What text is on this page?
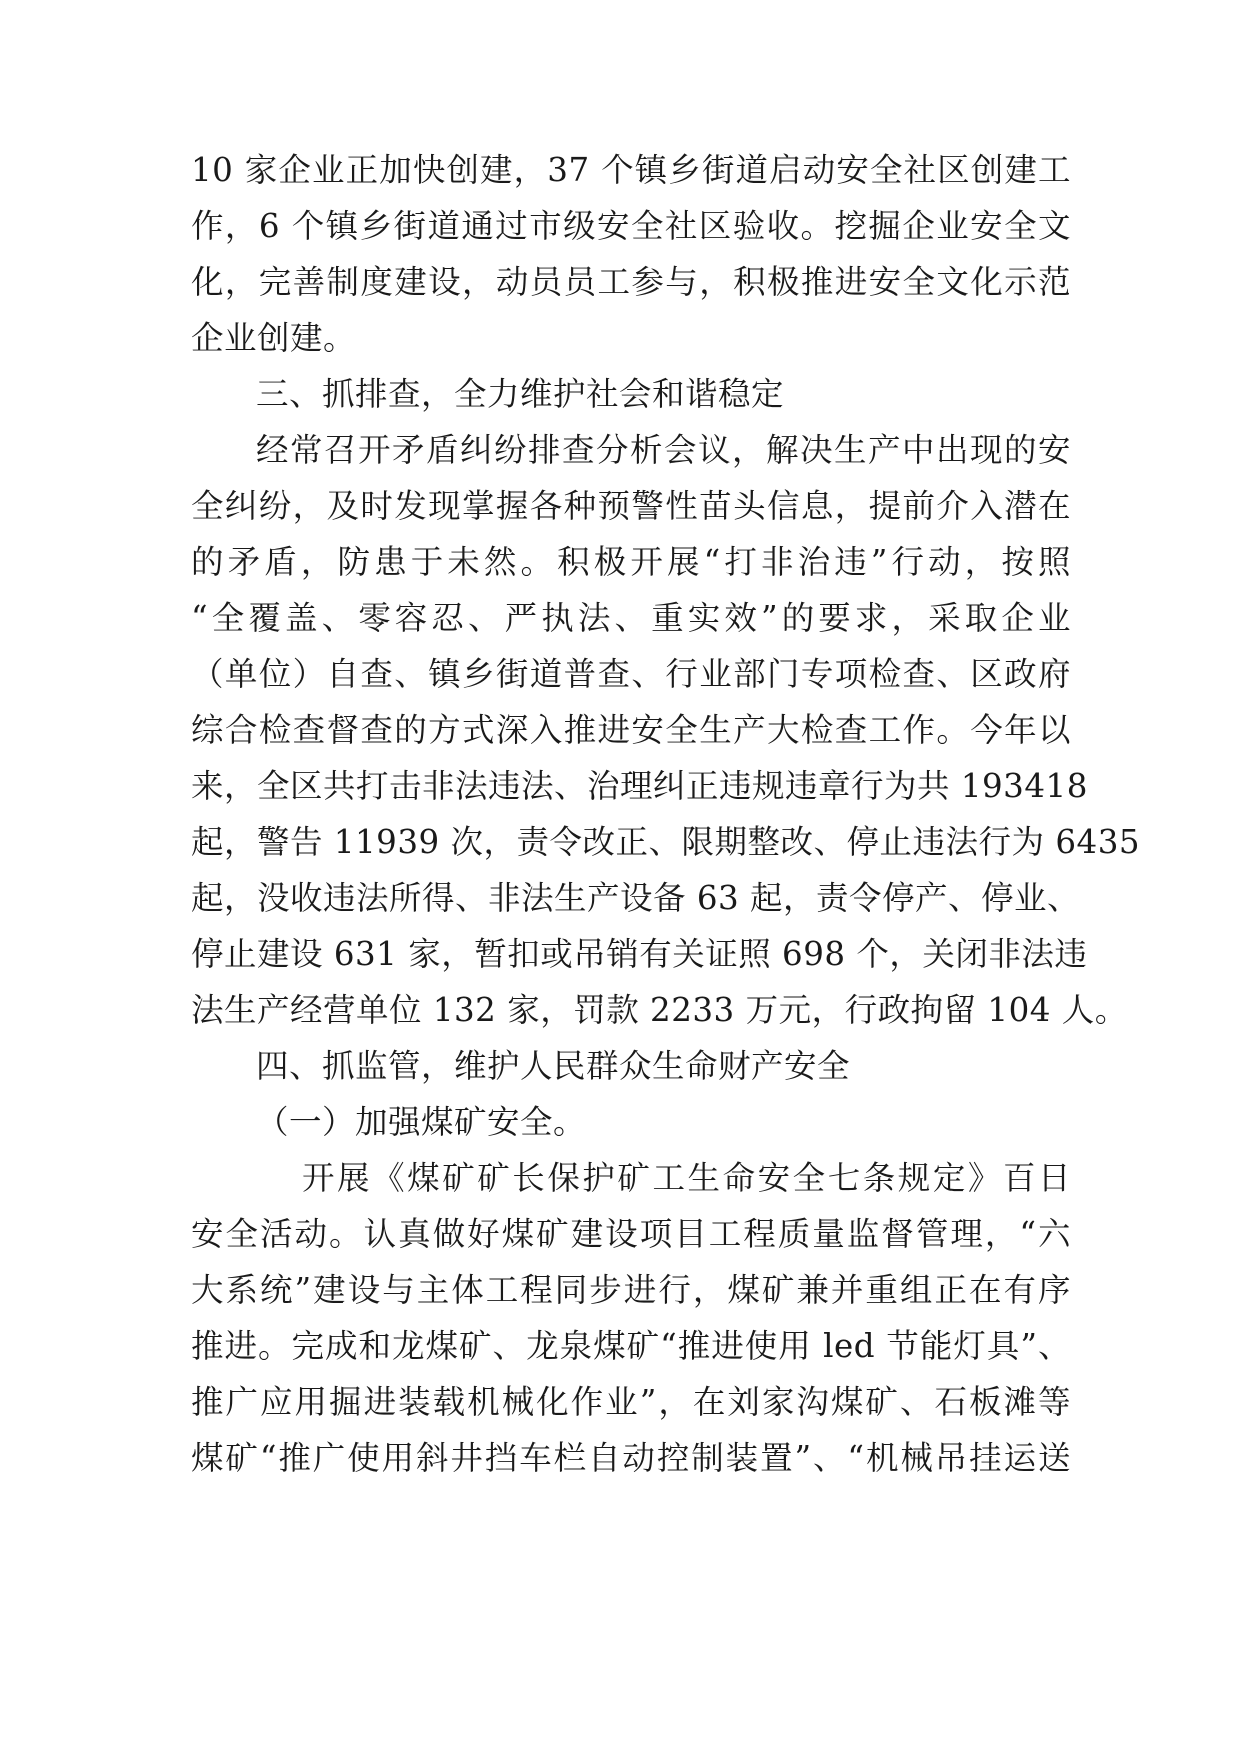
10 家企业正加快创建，37 个镇乡街道启动安全社区创建工
作，6 个镇乡街道通过市级安全社区验收。挖掘企业安全文
化，完善制度建设，动员员工参与，积极推进安全文化示范
企业创建。
三、抓排查，全力维护社会和谐稳定
经常召开矛盾纠纷排查分析会议，解决生产中出现的安
全纠纷，及时发现掌握各种预警性苗头信息，提前介入潜在
的矛盾，防患于未然。积极开展“打非治违”行动，按照
“全覆盖、零容忍、严执法、重实效”的要求，采取企业
（单位）自查、镇乡街道普查、行业部门专项检查、区政府
综合检查督查的方式深入推进安全生产大检查工作。今年以
来，全区共打击非法违法、治理纠正违规违章行为共 193418
起，警告 11939 次，责令改正、限期整改、停止违法行为 6435
起，没收违法所得、非法生产设备 63 起，责令停产、停业、
停止建设 631 家，暂扣或吊销有关证照 698 个，关闭非法违
法生产经营单位 132 家，罚款 2233 万元，行政拘留 104 人。
四、抓监管，维护人民群众生命财产安全
（一）加强煤矿安全。
开展《煤矿矿长保护矿工生命安全七条规定》百日
安全活动。认真做好煤矿建设项目工程质量监督管理，“六
大系统”建设与主体工程同步进行，煤矿兼并重组正在有序
推进。完成和龙煤矿、龙泉煤矿“推进使用 led 节能灯具”、
推广应用掘进装载机械化作业”，在刘家沟煤矿、石板滩等
煤矿“推广使用斜井挡车栏自动控制装置”、“机械吊挂运送
